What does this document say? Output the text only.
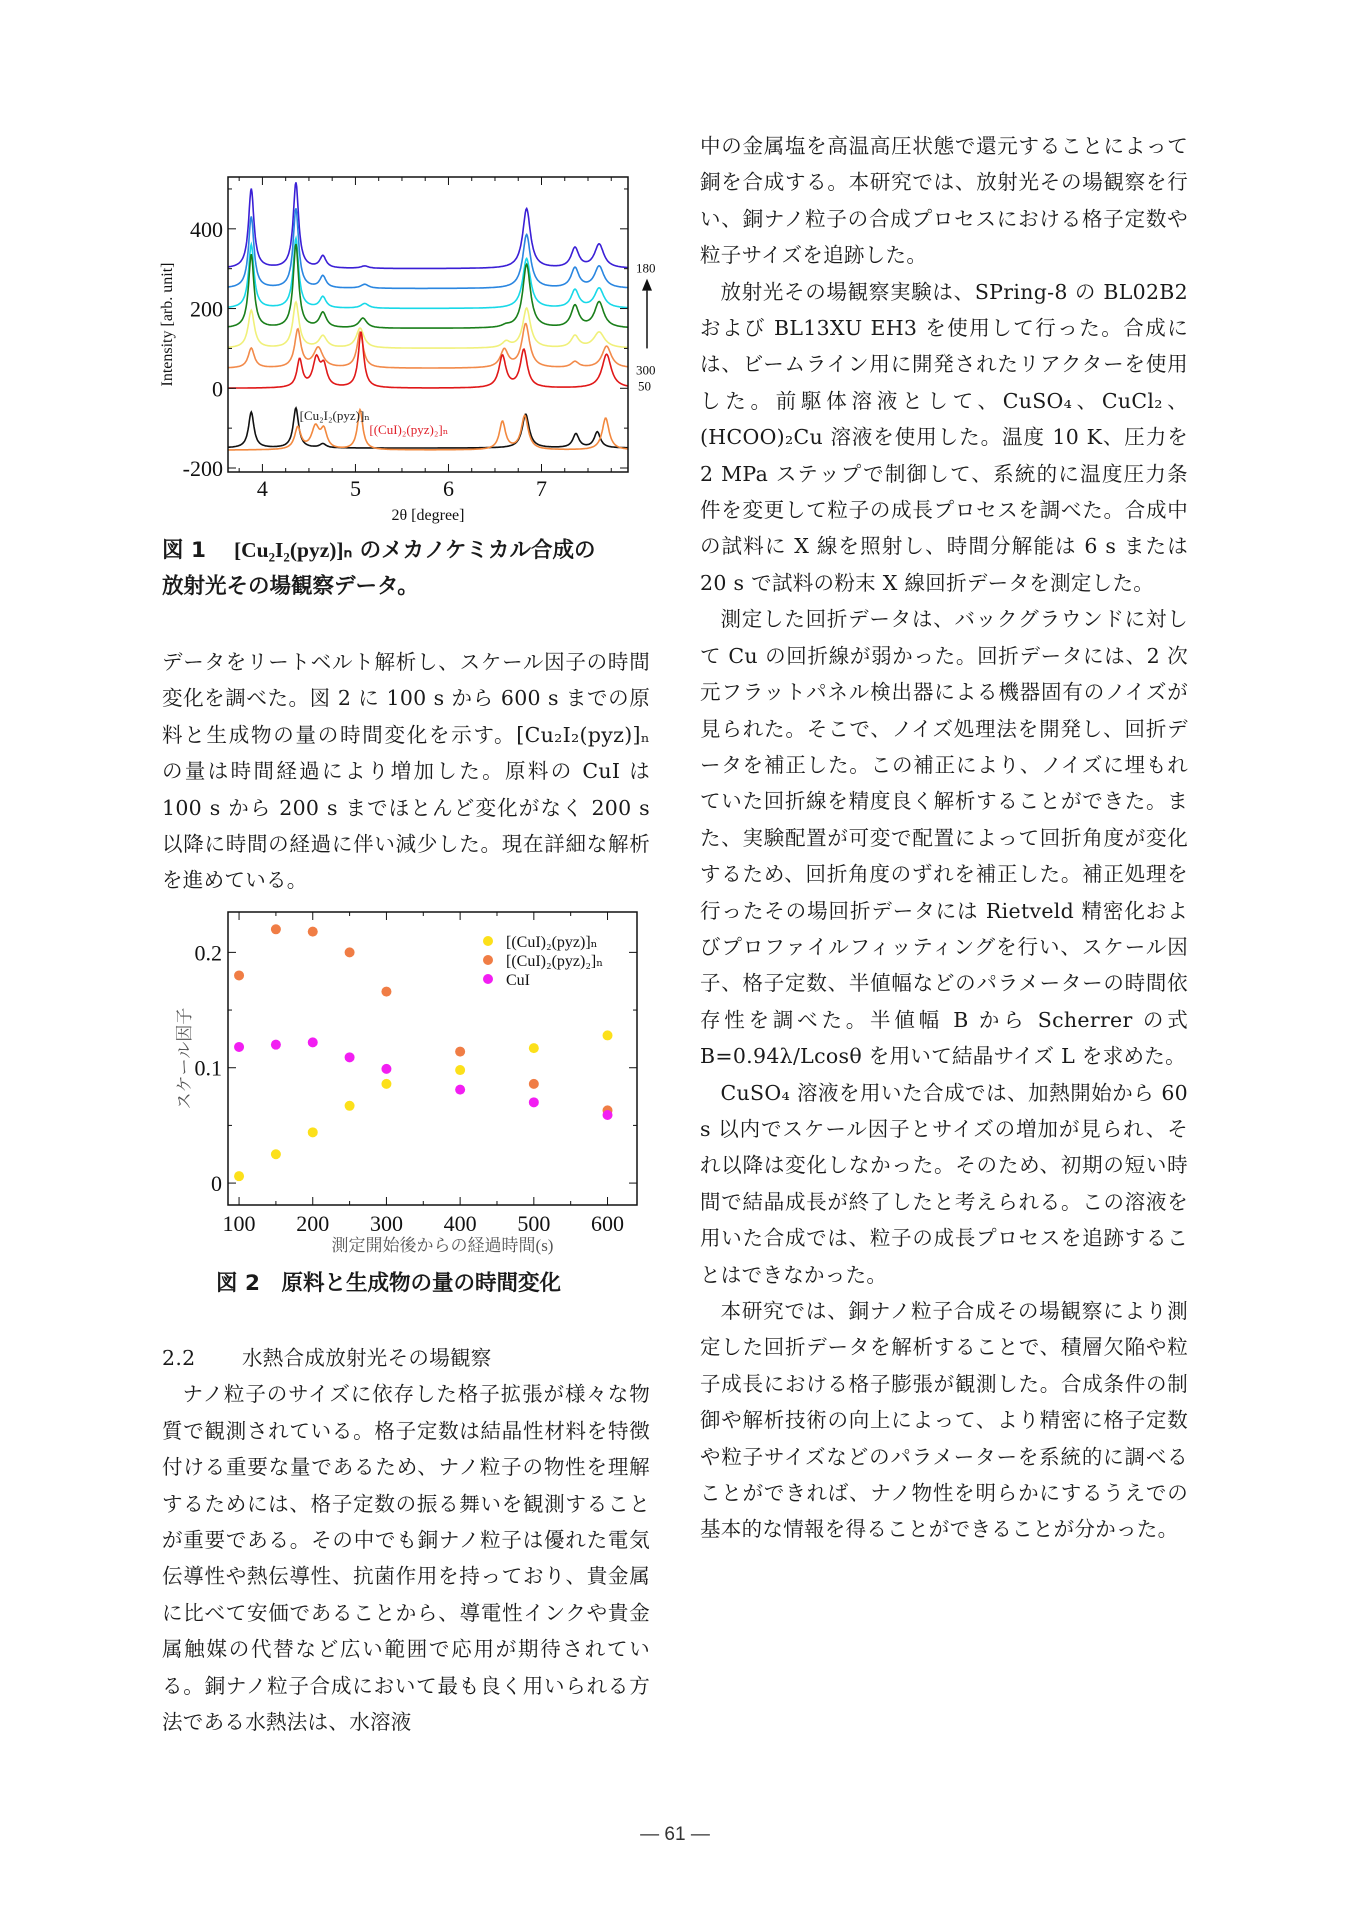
4	5	6	7
-200
0
200
400
2θ [degree]
Intensity [arb. unit]
[Cu₂I₂(pyz)]ₙ
[(CuI)₂(pyz)₂]ₙ
180
300
50
図 1 [Cu₂I₂(pyz)]ₙ のメカノケミカル合成の
放射光その場観察データ。

データをリートベルト解析し、スケール因子の時間変化を調べた。図 2 に 100 s から 600 s までの原料と生成物の量の時間変化を示す。[Cu₂I₂(pyz)]ₙ の量は時間経過により増加した。原料の CuI は 100 s から 200 s までほとんど変化がなく 200 s 以降に時間の経過に伴い減少した。現在詳細な解析を進めている。

100 200 300 400 500 600
0
0.1
0.2
測定開始後からの経過時間(s)
スケール因子
[(CuI)₂(pyz)]ₙ
[(CuI)₂(pyz)₂]ₙ
CuI
図 2　原料と生成物の量の時間変化

2.2 水熱合成放射光その場観察

ナノ粒子のサイズに依存した格子拡張が様々な物質で観測されている。格子定数は結晶性材料を特徴付ける重要な量であるため、ナノ粒子の物性を理解するためには、格子定数の振る舞いを観測することが重要である。その中でも銅ナノ粒子は優れた電気伝導性や熱伝導性、抗菌作用を持っており、貴金属に比べて安価であることから、導電性インクや貴金属触媒の代替など広い範囲で応用が期待されている。銅ナノ粒子合成において最も良く用いられる方法である水熱法は、水溶液

中の金属塩を高温高圧状態で還元することによって銅を合成する。本研究では、放射光その場観察を行い、銅ナノ粒子の合成プロセスにおける格子定数や粒子サイズを追跡した。

放射光その場観察実験は、SPring-8 の BL02B2 および BL13XU EH3 を使用して行った。合成には、ビームライン用に開発されたリアクターを使用した。前駆体溶液として、CuSO₄、CuCl₂、(HCOO)₂Cu 溶液を使用した。温度 10 K、圧力を 2 MPa ステップで制御して、系統的に温度圧力条件を変更して粒子の成長プロセスを調べた。合成中の試料に X 線を照射し、時間分解能は 6 s または 20 s で試料の粉末 X 線回折データを測定した。

測定した回折データは、バックグラウンドに対して Cu の回折線が弱かった。回折データには、2 次元フラットパネル検出器による機器固有のノイズが見られた。そこで、ノイズ処理法を開発し、回折データを補正した。この補正により、ノイズに埋もれていた回折線を精度良く解析することができた。また、実験配置が可変で配置によって回折角度が変化するため、回折角度のずれを補正した。補正処理を行ったその場回折データには Rietveld 精密化およびプロファイルフィッティングを行い、スケール因子、格子定数、半値幅などのパラメーターの時間依存性を調べた。半値幅 B から Scherrer の式 B=0.94λ/Lcosθ を用いて結晶サイズ L を求めた。

CuSO₄ 溶液を用いた合成では、加熱開始から 60 s 以内でスケール因子とサイズの増加が見られ、それ以降は変化しなかった。そのため、初期の短い時間で結晶成長が終了したと考えられる。この溶液を用いた合成では、粒子の成長プロセスを追跡することはできなかった。

本研究では、銅ナノ粒子合成その場観察により測定した回折データを解析することで、積層欠陥や粒子成長における格子膨張が観測した。合成条件の制御や解析技術の向上によって、より精密に格子定数や粒子サイズなどのパラメーターを系統的に調べることができれば、ナノ物性を明らかにするうえでの基本的な情報を得ることができることが分かった。

— 61 —
